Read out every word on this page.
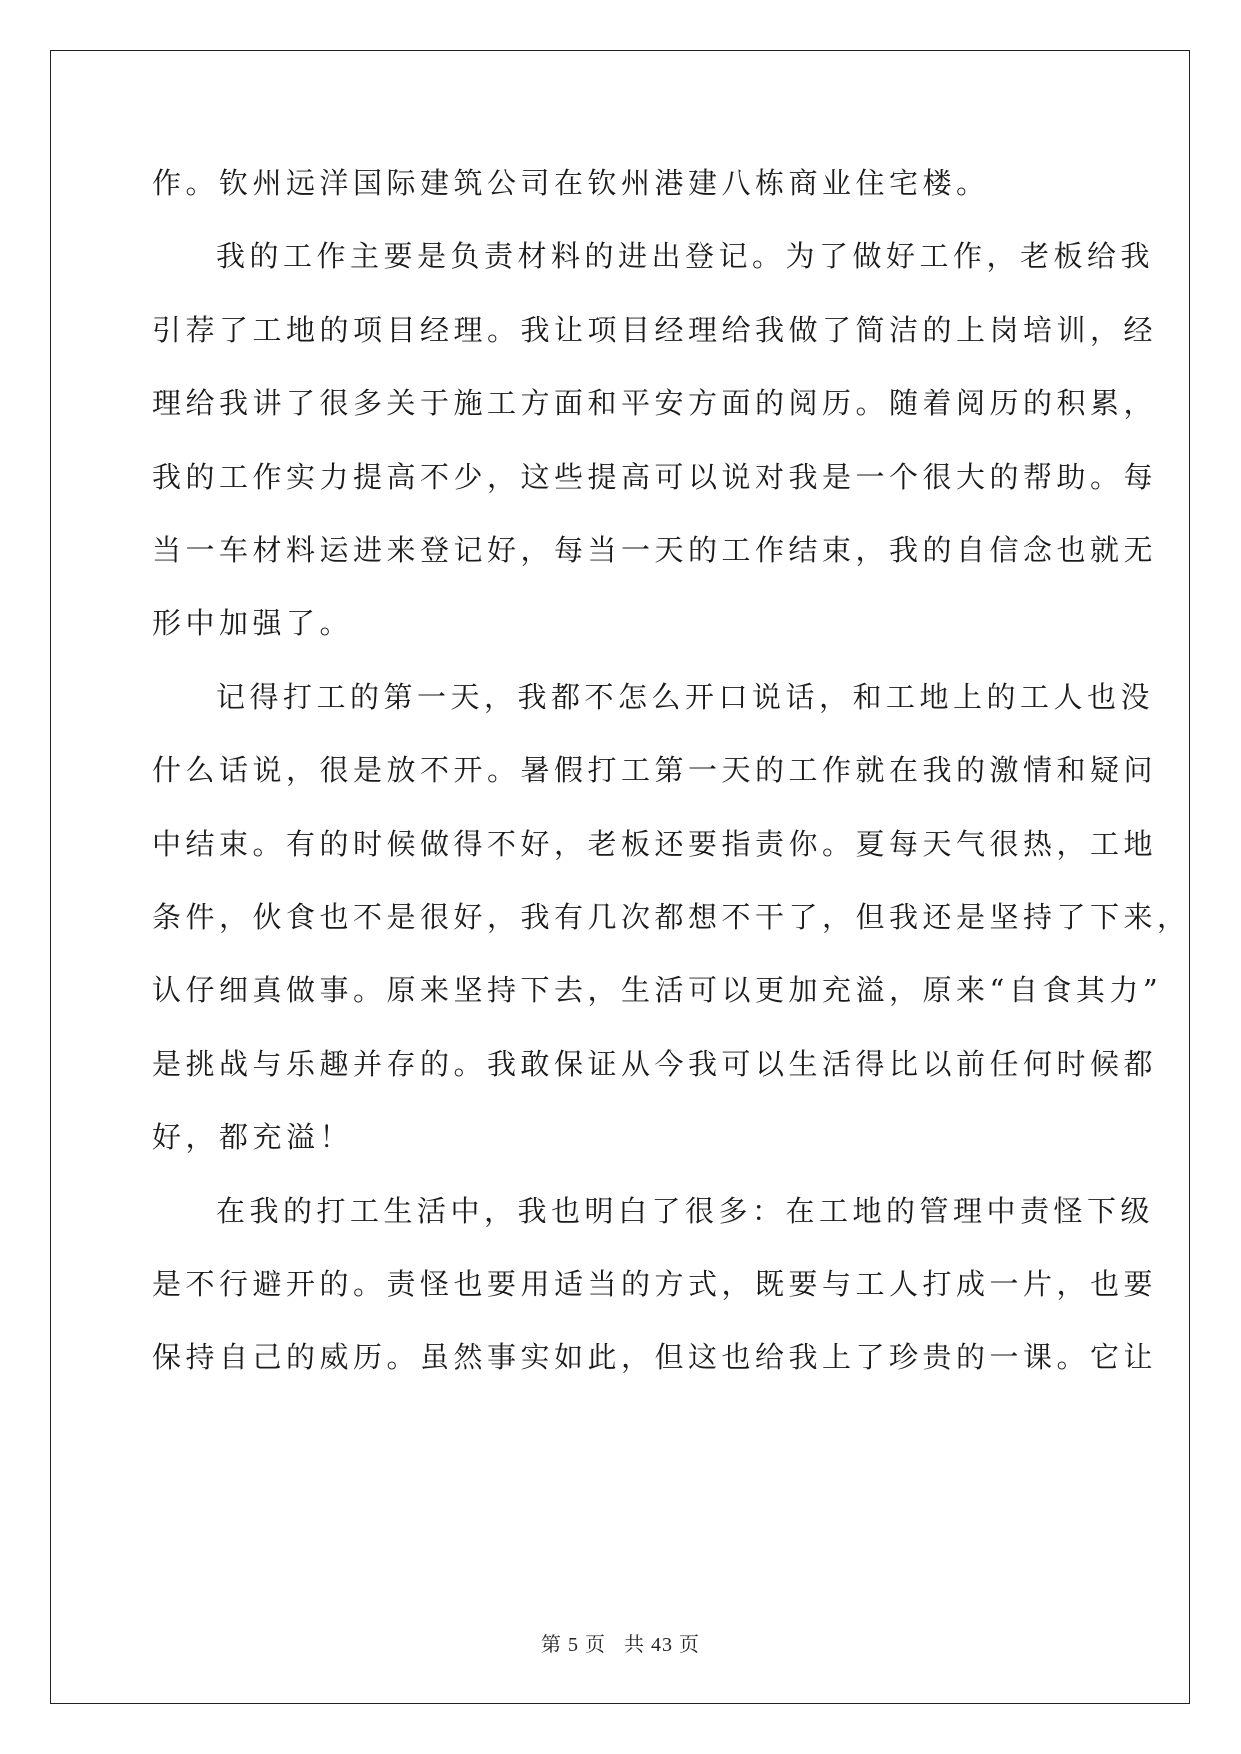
作。钦州远洋国际建筑公司在钦州港建八栋商业住宅楼。
我的工作主要是负责材料的进出登记。为了做好工作，老板给我
引荐了工地的项目经理。我让项目经理给我做了简洁的上岗培训，经
理给我讲了很多关于施工方面和平安方面的阅历。随着阅历的积累，
我的工作实力提高不少，这些提高可以说对我是一个很大的帮助。每
当一车材料运进来登记好，每当一天的工作结束，我的自信念也就无
形中加强了。
记得打工的第一天，我都不怎么开口说话，和工地上的工人也没
什么话说，很是放不开。暑假打工第一天的工作就在我的激情和疑问
中结束。有的时候做得不好，老板还要指责你。夏每天气很热，工地
条件，伙食也不是很好，我有几次都想不干了，但我还是坚持了下来，
认仔细真做事。原来坚持下去，生活可以更加充溢，原来“自食其力”
是挑战与乐趣并存的。我敢保证从今我可以生活得比以前任何时候都
好，都充溢！
在我的打工生活中，我也明白了很多：在工地的管理中责怪下级
是不行避开的。责怪也要用适当的方式，既要与工人打成一片，也要
保持自己的威历。虽然事实如此，但这也给我上了珍贵的一课。它让
第 5 页 共 43 页
